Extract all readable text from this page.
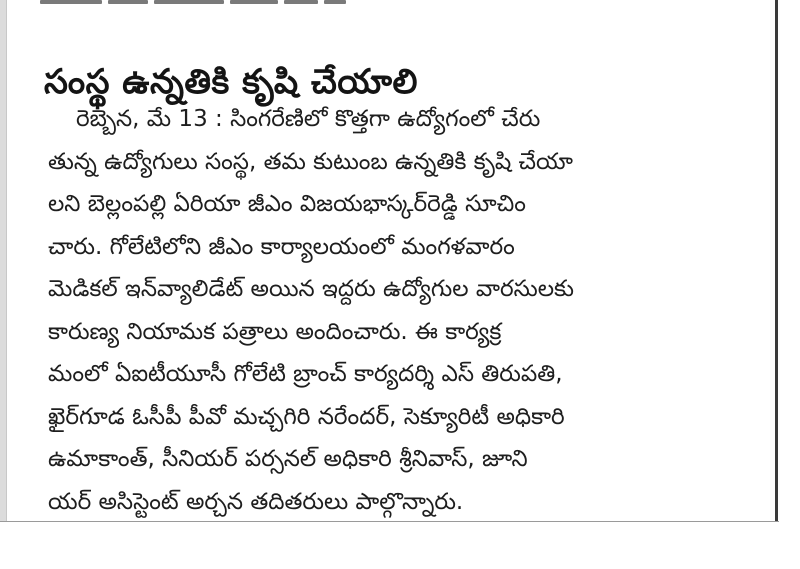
సంస్థ ఉన్నతికి కృషి చేయాలి
రెబ్బెన, మే 13 : సింగరేణిలో కొత్తగా ఉద్యోగంలో చేరు
తున్న ఉద్యోగులు సంస్థ, తమ కుటుంబ ఉన్నతికి కృషి చేయా
లని బెల్లంపల్లి ఏరియా జీఎం విజయభాస్కర్‌రెడ్డి సూచిం
చారు. గోలేటిలోని జీఎం కార్యాలయంలో మంగళవారం
మెడికల్ ఇన్‌వ్యాలిడేట్ అయిన ఇద్దరు ఉద్యోగుల వారసులకు
కారుణ్య నియామక పత్రాలు అందించారు. ఈ కార్యక్ర
మంలో ఏఐటీయూసీ గోలేటి బ్రాంచ్ కార్యదర్శి ఎస్ తిరుపతి,
ఖైర్‌గూడ ఓసీపీ పీవో మచ్చగిరి నరేందర్, సెక్యూరిటీ అధికారి
ఉమాకాంత్, సీనియర్ పర్సనల్ అధికారి శ్రీనివాస్, జూని
యర్ అసిస్టెంట్ అర్చన తదితరులు పాల్గొన్నారు.
